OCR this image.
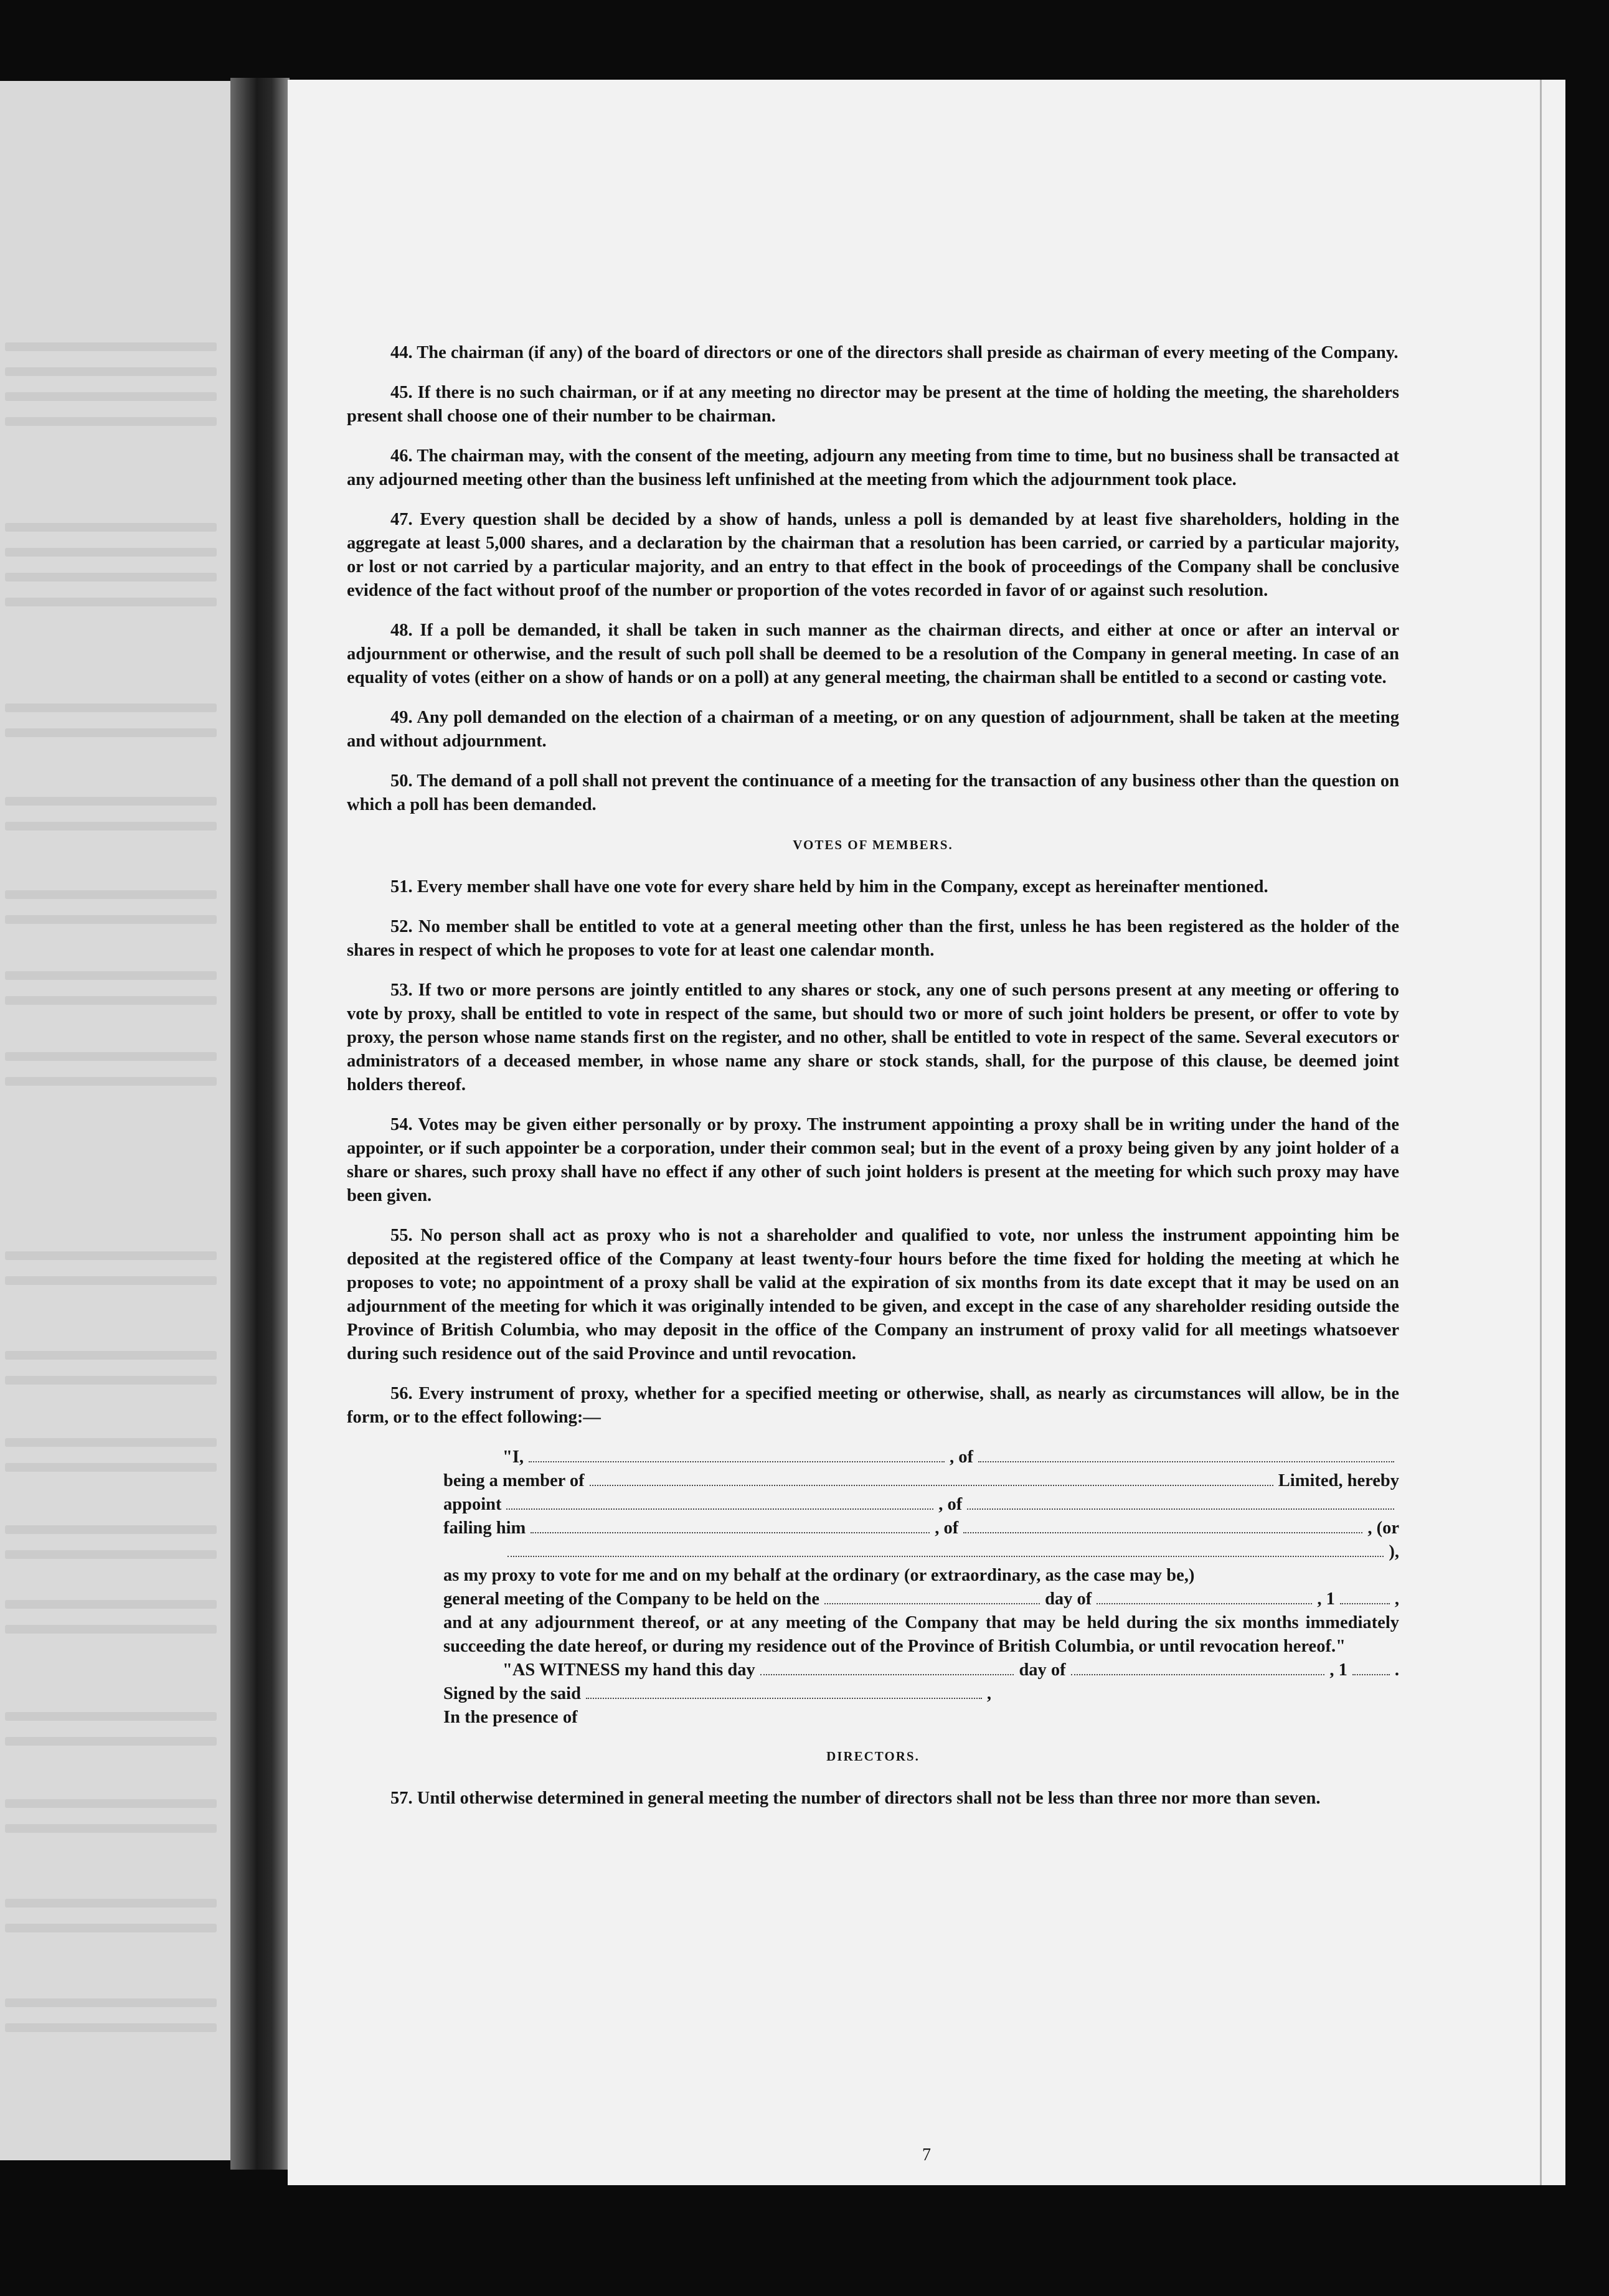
44. The chairman (if any) of the board of directors or one of the directors shall preside as chairman of every meeting of the Company.

45. If there is no such chairman, or if at any meeting no director may be present at the time of holding the meeting, the shareholders present shall choose one of their number to be chairman.

46. The chairman may, with the consent of the meeting, adjourn any meeting from time to time, but no business shall be transacted at any adjourned meeting other than the business left unfinished at the meeting from which the adjournment took place.

47. Every question shall be decided by a show of hands, unless a poll is demanded by at least five shareholders, holding in the aggregate at least 5,000 shares, and a declaration by the chairman that a resolution has been carried, or carried by a particular majority, or lost or not carried by a particular majority, and an entry to that effect in the book of proceedings of the Company shall be conclusive evidence of the fact without proof of the number or proportion of the votes recorded in favor of or against such resolution.

48. If a poll be demanded, it shall be taken in such manner as the chairman directs, and either at once or after an interval or adjournment or otherwise, and the result of such poll shall be deemed to be a resolution of the Company in general meeting. In case of an equality of votes (either on a show of hands or on a poll) at any general meeting, the chairman shall be entitled to a second or casting vote.

49. Any poll demanded on the election of a chairman of a meeting, or on any question of adjournment, shall be taken at the meeting and without adjournment.

50. The demand of a poll shall not prevent the continuance of a meeting for the transaction of any business other than the question on which a poll has been demanded.

VOTES OF MEMBERS.

51. Every member shall have one vote for every share held by him in the Company, except as hereinafter mentioned.

52. No member shall be entitled to vote at a general meeting other than the first, unless he has been registered as the holder of the shares in respect of which he proposes to vote for at least one calendar month.

53. If two or more persons are jointly entitled to any shares or stock, any one of such persons present at any meeting or offering to vote by proxy, shall be entitled to vote in respect of the same, but should two or more of such joint holders be present, or offer to vote by proxy, the person whose name stands first on the register, and no other, shall be entitled to vote in respect of the same. Several executors or administrators of a deceased member, in whose name any share or stock stands, shall, for the purpose of this clause, be deemed joint holders thereof.

54. Votes may be given either personally or by proxy. The instrument appointing a proxy shall be in writing under the hand of the appointer, or if such appointer be a corporation, under their common seal; but in the event of a proxy being given by any joint holder of a share or shares, such proxy shall have no effect if any other of such joint holders is present at the meeting for which such proxy may have been given.

55. No person shall act as proxy who is not a shareholder and qualified to vote, nor unless the instrument appointing him be deposited at the registered office of the Company at least twenty-four hours before the time fixed for holding the meeting at which he proposes to vote; no appointment of a proxy shall be valid at the expiration of six months from its date except that it may be used on an adjournment of the meeting for which it was originally intended to be given, and except in the case of any shareholder residing outside the Province of British Columbia, who may deposit in the office of the Company an instrument of proxy valid for all meetings whatsoever during such residence out of the said Province and until revocation.

56. Every instrument of proxy, whether for a specified meeting or otherwise, shall, as nearly as circumstances will allow, be in the form, or to the effect following:—

"I,	, of
being a member of	Limited, hereby
appoint	, of
failing him	, of	, (or
),
as my proxy to vote for me and on my behalf at the ordinary (or extraordinary, as the case may be,)
general meeting of the Company to be held on the	day of	, 1	,
and at any adjournment thereof, or at any meeting of the Company that may be held during the six months immediately succeeding the date hereof, or during my residence out of the Province of British Columbia, or until revocation hereof."
"AS WITNESS my hand this day	day of	, 1	.
Signed by the said	,
In the presence of
DIRECTORS.

57. Until otherwise determined in general meeting the number of directors shall not be less than three nor more than seven.

7
